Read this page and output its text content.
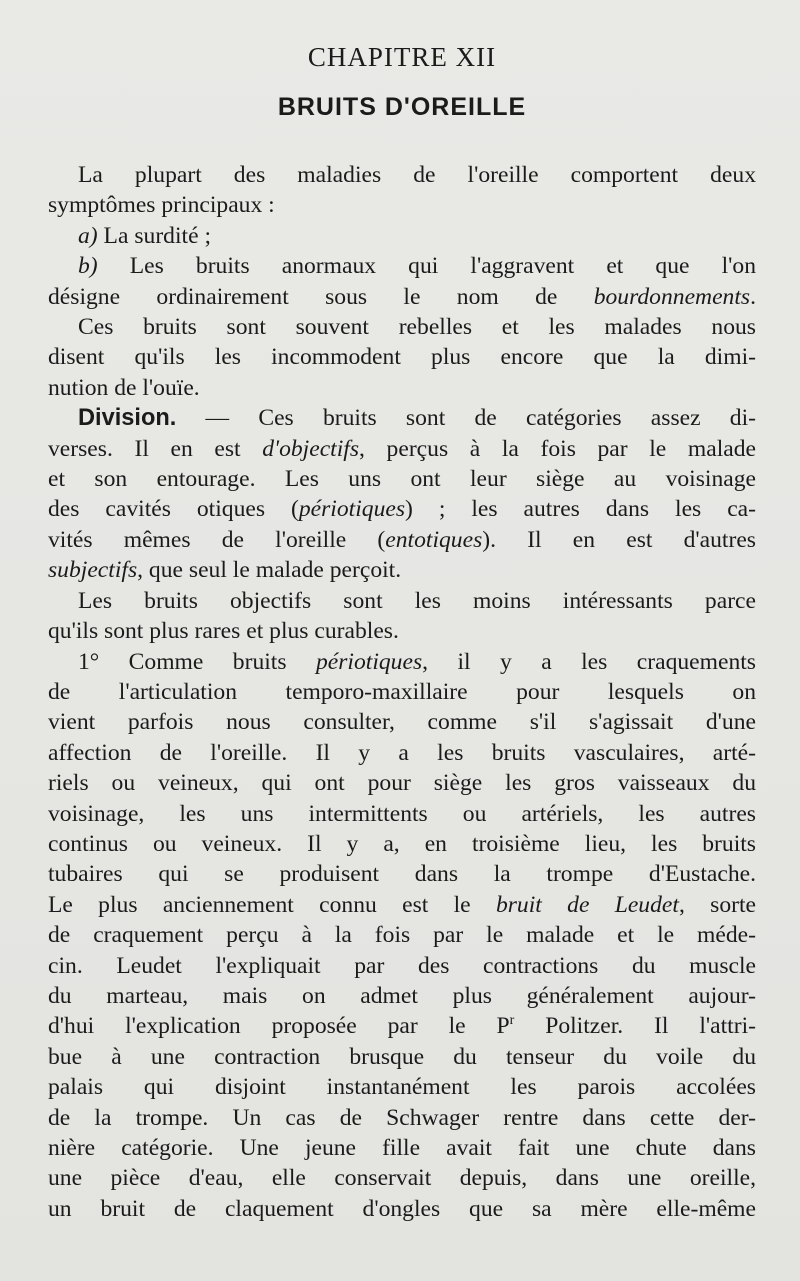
CHAPITRE XII
BRUITS D'OREILLE
La plupart des maladies de l'oreille comportent deux
symptômes principaux :
a) La surdité ;
b) Les bruits anormaux qui l'aggravent et que l'on
désigne ordinairement sous le nom de bourdonnements.
Ces bruits sont souvent rebelles et les malades nous
disent qu'ils les incommodent plus encore que la dimi-
nution de l'ouïe.
Division. — Ces bruits sont de catégories assez di-
verses. Il en est d'objectifs, perçus à la fois par le malade
et son entourage. Les uns ont leur siège au voisinage
des cavités otiques (périotiques) ; les autres dans les ca-
vités mêmes de l'oreille (entotiques). Il en est d'autres
subjectifs, que seul le malade perçoit.
Les bruits objectifs sont les moins intéressants parce
qu'ils sont plus rares et plus curables.
1° Comme bruits périotiques, il y a les craquements
de l'articulation temporo-maxillaire pour lesquels on
vient parfois nous consulter, comme s'il s'agissait d'une
affection de l'oreille. Il y a les bruits vasculaires, arté-
riels ou veineux, qui ont pour siège les gros vaisseaux du
voisinage, les uns intermittents ou artériels, les autres
continus ou veineux. Il y a, en troisième lieu, les bruits
tubaires qui se produisent dans la trompe d'Eustache.
Le plus anciennement connu est le bruit de Leudet, sorte
de craquement perçu à la fois par le malade et le méde-
cin. Leudet l'expliquait par des contractions du muscle
du marteau, mais on admet plus généralement aujour-
d'hui l'explication proposée par le $P^r$ Politzer. Il l'attri-
bue à une contraction brusque du tenseur du voile du
palais qui disjoint instantanément les parois accolées
de la trompe. Un cas de Schwager rentre dans cette der-
nière catégorie. Une jeune fille avait fait une chute dans
une pièce d'eau, elle conservait depuis, dans une oreille,
un bruit de claquement d'ongles que sa mère elle-même
